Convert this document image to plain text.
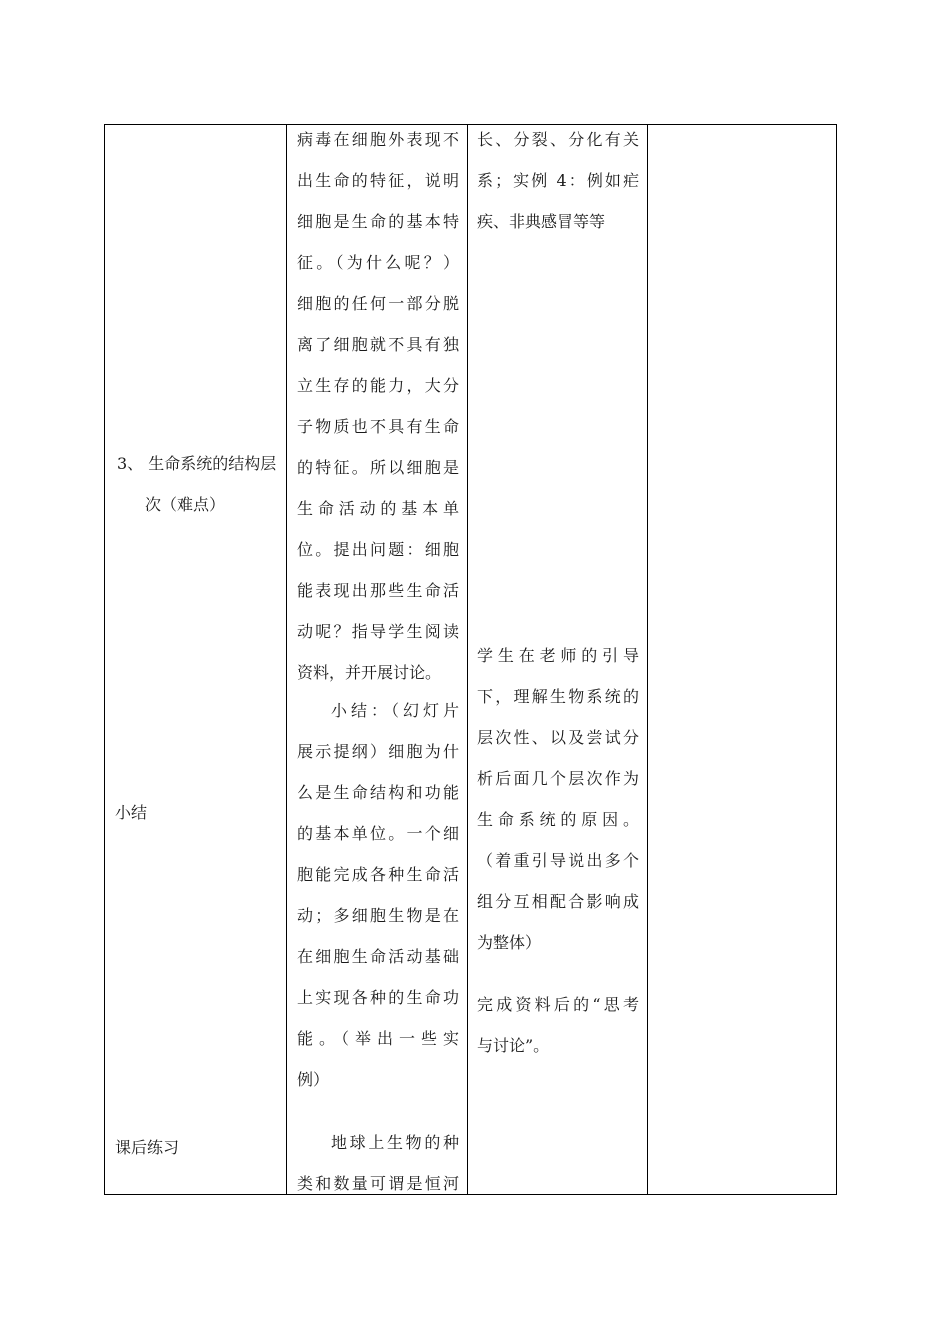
3、 生命系统的结构层
次（难点）
小结
课后练习
病毒在细胞外表现不
出生命的特征，说明
细胞是生命的基本特
征。（为什么呢？）
细胞的任何一部分脱
离了细胞就不具有独
立生存的能力，大分
子物质也不具有生命
的特征。所以细胞是
生命活动的基本单
位。提出问题：细胞
能表现出那些生命活
动呢？指导学生阅读
资料，并开展讨论。
小结：（幻灯片
展示提纲）细胞为什
么是生命结构和功能
的基本单位。一个细
胞能完成各种生命活
动；多细胞生物是在
在细胞生命活动基础
上实现各种的生命功
能。（举出一些实
例）
地球上生物的种
类和数量可谓是恒河
长、分裂、分化有关
系；实例 4：例如疟
疾、非典感冒等等
学生在老师的引导
下，理解生物系统的
层次性、以及尝试分
析后面几个层次作为
生命系统的原因。
（着重引导说出多个
组分互相配合影响成
为整体）
完成资料后的“思考
与讨论”。
